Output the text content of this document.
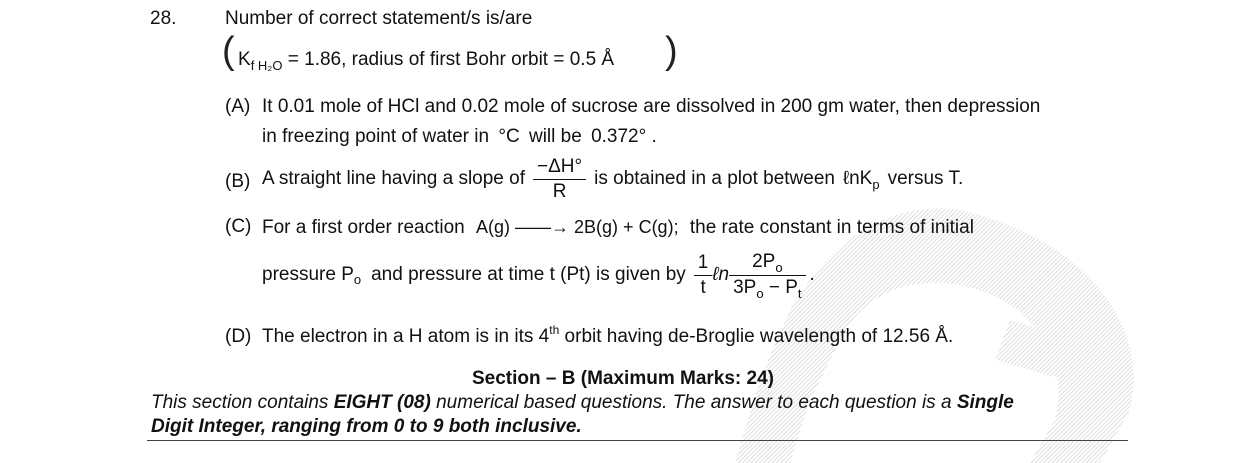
28.	Number of correct statement/s is/are
( $K_{f H_2O} = 1.86$, radius of first Bohr orbit = 0.5 Å )
(A) It 0.01 mole of HCl and 0.02 mole of sucrose are dissolved in 200 gm water, then depression
in freezing point of water in °C will be 0.372° .
(B) A straight line having a slope of $\frac{-\Delta H^\circ}{R}$ is obtained in a plot between ℓnK$_p$ versus T.
(C) For a first order reaction A(g) ——→ 2B(g) + C(g); the rate constant in terms of initial
pressure P o and pressure at time t (Pt) is given by $\frac{1}{t}$ ℓn $\frac{2P_o}{3P_o - P_t}$ .
(D) The electron in a H atom is in its 4th orbit having de-Broglie wavelength of 12.56 Å.
Section – B (Maximum Marks: 24)
This section contains EIGHT (08) numerical based questions. The answer to each question is a Single
Digit Integer, ranging from 0 to 9 both inclusive.
